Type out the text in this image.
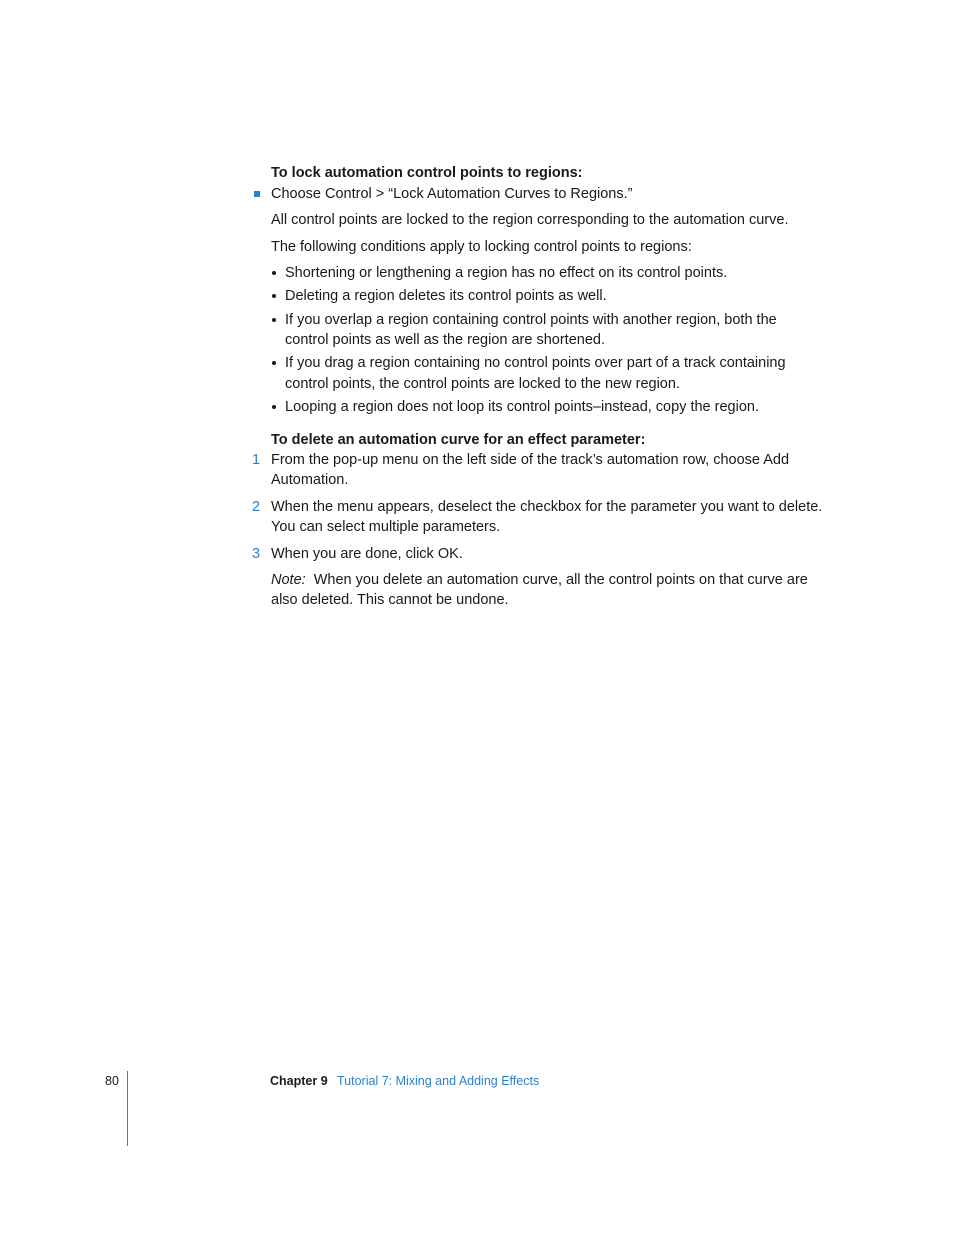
To lock automation control points to regions:
Choose Control > “Lock Automation Curves to Regions.”
All control points are locked to the region corresponding to the automation curve.
The following conditions apply to locking control points to regions:
Shortening or lengthening a region has no effect on its control points.
Deleting a region deletes its control points as well.
If you overlap a region containing control points with another region, both the
control points as well as the region are shortened.
If you drag a region containing no control points over part of a track containing
control points, the control points are locked to the new region.
Looping a region does not loop its control points–instead, copy the region.
To delete an automation curve for an effect parameter:
1 From the pop-up menu on the left side of the track’s automation row, choose Add
Automation.
2 When the menu appears, deselect the checkbox for the parameter you want to delete.
You can select multiple parameters.
3 When you are done, click OK.
Note: When you delete an automation curve, all the control points on that curve are
also deleted. This cannot be undone.
80	Chapter 9 Tutorial 7: Mixing and Adding Effects
